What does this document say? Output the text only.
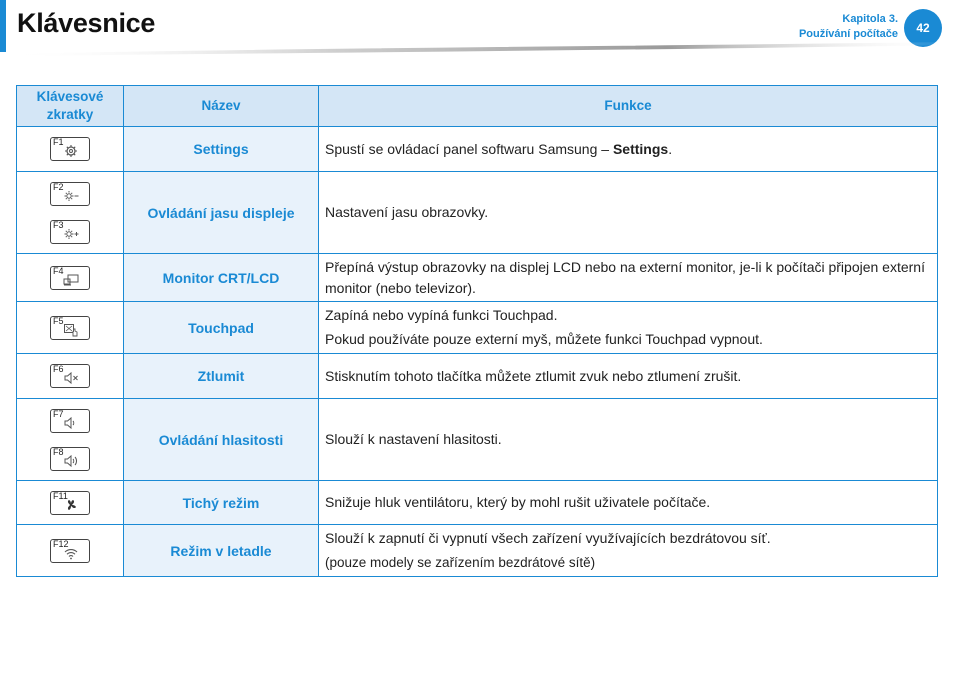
Klávesnice	Kapitola 3.
Používání počítače	42
Klávesové zkratky	Název	Funkce

F1	Settings	Spustí se ovládací panel softwaru Samsung – Settings.

F2
F3	Ovládání jasu displeje	Nastavení jasu obrazovky.

F4	Monitor CRT/LCD	Přepíná výstup obrazovky na displej LCD nebo na externí monitor, je-li k počítači připojen externí monitor (nebo televizor).

F5	Touchpad	Zapíná nebo vypíná funkci Touchpad.

Pokud používáte pouze externí myš, můžete funkci Touchpad vypnout.

F6	Ztlumit	Stisknutím tohoto tlačítka můžete ztlumit zvuk nebo ztlumení zrušit.

F7
F8	Ovládání hlasitosti	Slouží k nastavení hlasitosti.

F11	Tichý režim	Snižuje hluk ventilátoru, který by mohl rušit uživatele počítače.

F12	Režim v letadle	Slouží k zapnutí či vypnutí všech zařízení využívajících bezdrátovou síť.

(pouze modely se zařízením bezdrátové sítě)
